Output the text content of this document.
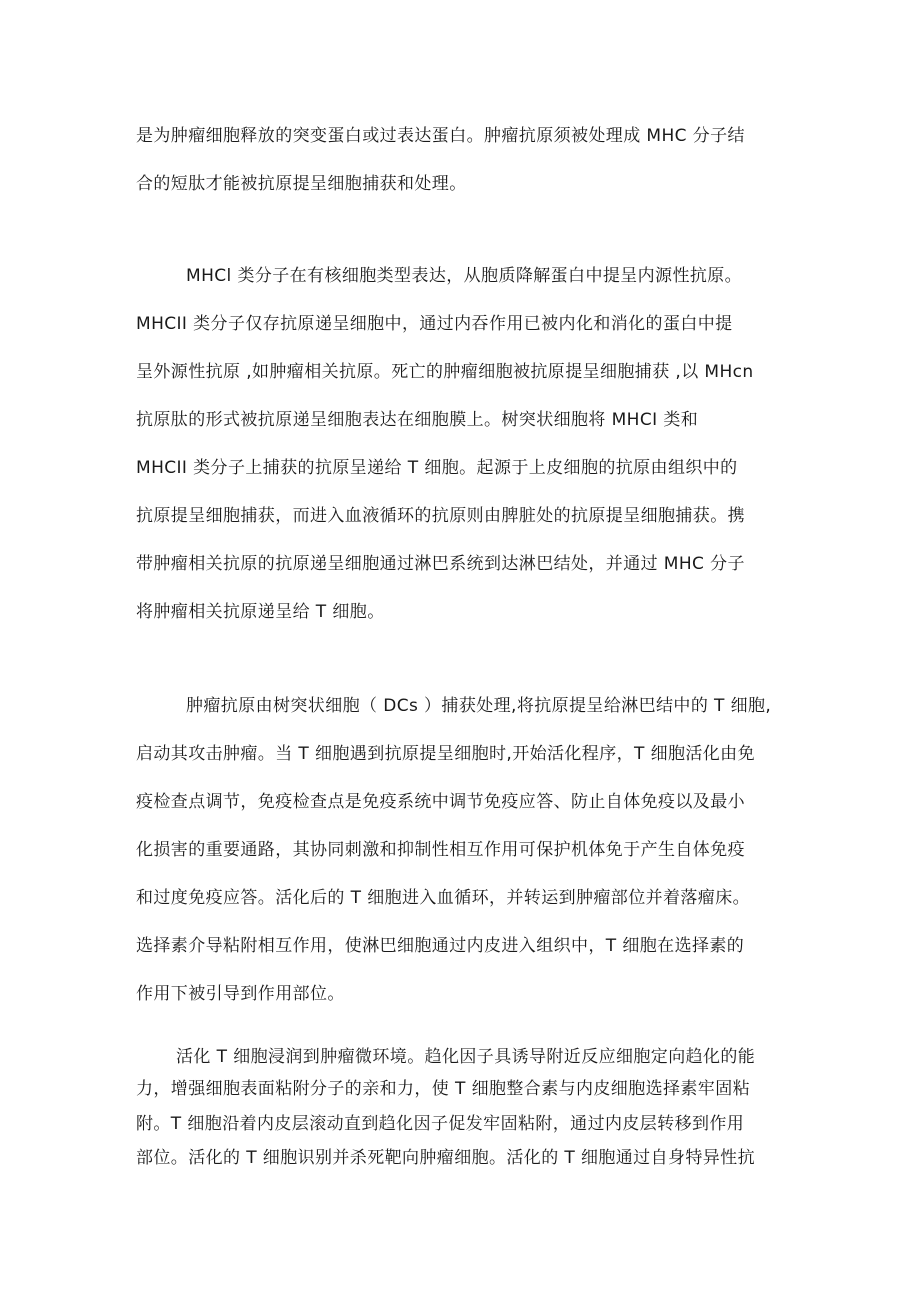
是为肿瘤细胞释放的突变蛋白或过表达蛋白。肿瘤抗原须被处理成 MHC 分子结
合的短肽才能被抗原提呈细胞捕获和处理。
MHCl 类分子在有核细胞类型表达，从胞质降解蛋白中提呈内源性抗原。
MHCII 类分子仅存抗原递呈细胞中，通过内吞作用已被内化和消化的蛋白中提
呈外源性抗原 ,如肿瘤相关抗原。死亡的肿瘤细胞被抗原提呈细胞捕获 ,以 MHcn
抗原肽的形式被抗原递呈细胞表达在细胞膜上。树突状细胞将 MHCI 类和
MHCII 类分子上捕获的抗原呈递给 T 细胞。起源于上皮细胞的抗原由组织中的
抗原提呈细胞捕获，而进入血液循环的抗原则由脾脏处的抗原提呈细胞捕获。携
带肿瘤相关抗原的抗原递呈细胞通过淋巴系统到达淋巴结处，并通过 MHC 分子
将肿瘤相关抗原递呈给 T 细胞。
肿瘤抗原由树突状细胞（ DCs ）捕获处理,将抗原提呈给淋巴结中的 T 细胞,
启动其攻击肿瘤。当 T 细胞遇到抗原提呈细胞时,开始活化程序，T 细胞活化由免
疫检查点调节，免疫检查点是免疫系统中调节免疫应答、防止自体免疫以及最小
化损害的重要通路，其协同刺激和抑制性相互作用可保护机体免于产生自体免疫
和过度免疫应答。活化后的 T 细胞进入血循环，并转运到肿瘤部位并着落瘤床。
选择素介导粘附相互作用，使淋巴细胞通过内皮进入组织中，T 细胞在选择素的
作用下被引导到作用部位。
活化 T 细胞浸润到肿瘤微环境。趋化因子具诱导附近反应细胞定向趋化的能
力，增强细胞表面粘附分子的亲和力，使 T 细胞整合素与内皮细胞选择素牢固粘
附。T 细胞沿着内皮层滚动直到趋化因子促发牢固粘附，通过内皮层转移到作用
部位。活化的 T 细胞识别并杀死靶向肿瘤细胞。活化的 T 细胞通过自身特异性抗
